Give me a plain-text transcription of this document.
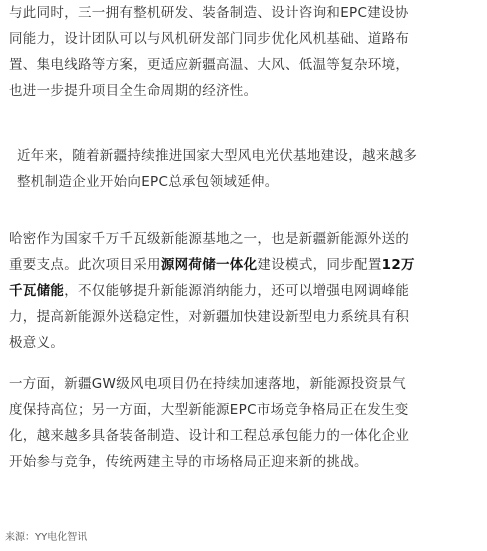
与此同时，三一拥有整机研发、装备制造、设计咨询和EPC建设协
同能力，设计团队可以与风机研发部门同步优化风机基础、道路布
置、集电线路等方案，更适应新疆高温、大风、低温等复杂环境，
也进一步提升项目全生命周期的经济性。

近年来，随着新疆持续推进国家大型风电光伏基地建设，越来越多
整机制造企业开始向EPC总承包领域延伸。

哈密作为国家千万千瓦级新能源基地之一，也是新疆新能源外送的
重要支点。此次项目采用源网荷储一体化建设模式，同步配置12万
千瓦储能，不仅能够提升新能源消纳能力，还可以增强电网调峰能
力，提高新能源外送稳定性，对新疆加快建设新型电力系统具有积
极意义。

一方面，新疆GW级风电项目仍在持续加速落地，新能源投资景气
度保持高位；另一方面，大型新能源EPC市场竞争格局正在发生变
化，越来越多具备装备制造、设计和工程总承包能力的一体化企业
开始参与竞争，传统两建主导的市场格局正迎来新的挑战。

来源：YY电化智讯
